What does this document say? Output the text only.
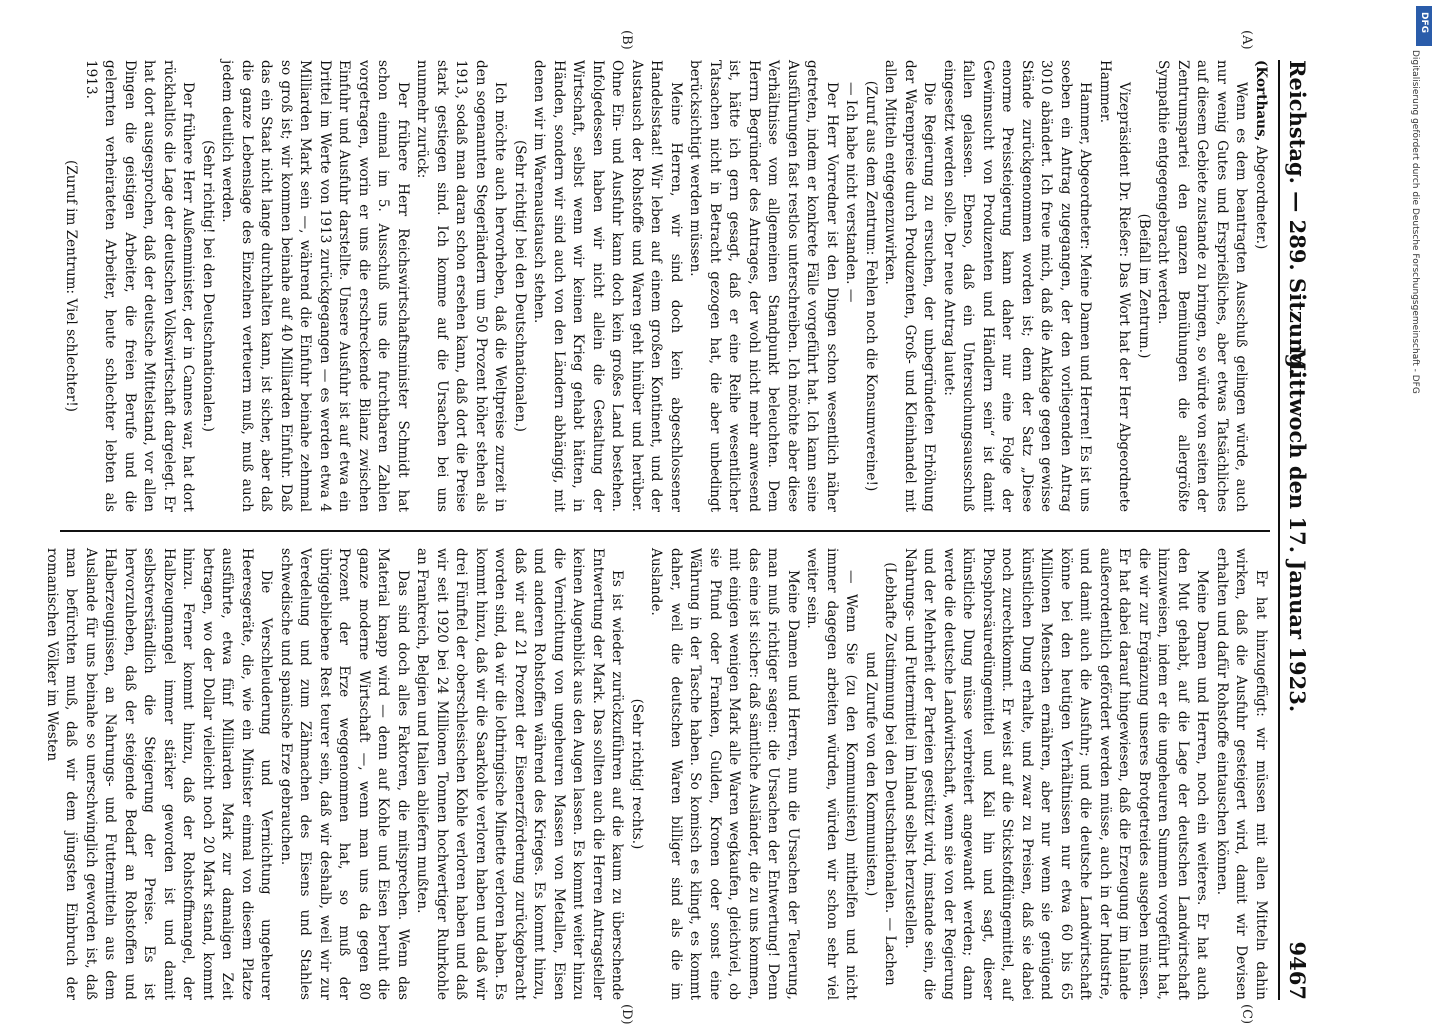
Reichstag. — 289. Sitzung.
Mittwoch den 17. Januar 1923.
9467

(Korthaus, Abgeordneter.)

Wenn es dem beantragten Ausschuß gelingen würde, auch nur wenig Gutes und Ersprießliches, aber etwas Tatsächliches auf diesem Gebiete zustande zu bringen, so würde von seiten der Zentrumspartei den ganzen Bemühungen die allergrößte Sympathie entgegengebracht werden.

(Beifall im Zentrum.)

Vizepräsident Dr. Rießer: Das Wort hat der Herr Abgeordnete Hammer.

Hammer, Abgeordneter: Meine Damen und Herren! Es ist uns soeben ein Antrag zugegangen, der den vorliegenden Antrag 3010 abändert. Ich freue mich, daß die Anklage gegen gewisse Stände zurückgenommen worden ist; denn der Satz „Diese enorme Preissteigerung kann daher nur eine Folge der Gewinnsucht von Produzenten und Händlern sein“ ist damit fallen gelassen. Ebenso, daß ein Untersuchungsausschuß eingesetzt werden solle. Der neue Antrag lautet:

Die Regierung zu ersuchen, der unbegründeten Erhöhung der Warenpreise durch Produzenten, Groß- und Kleinhandel mit allen Mitteln entgegenzuwirken.

(Zuruf aus dem Zentrum: Fehlen noch die Konsumvereine!)

— Ich habe nicht verstanden. —

Der Herr Vorredner ist den Dingen schon wesentlich näher getreten, indem er konkrete Fälle vorgeführt hat. Ich kann seine Ausführungen fast restlos unterschreiben. Ich möchte aber diese Verhältnisse vom allgemeinen Standpunkt beleuchten. Dem Herrn Begründer des Antrages, der wohl nicht mehr anwesend ist, hätte ich gern gesagt, daß er eine Reihe wesentlicher Tatsachen nicht in Betracht gezogen hat, die aber unbedingt berücksichtigt werden müssen.

Meine Herren, wir sind doch kein abgeschlossener Handelsstaat! Wir leben auf einem großen Kontinent, und der Austausch der Rohstoffe und Waren geht hinüber und herüber. Ohne Ein- und Ausfuhr kann doch kein großes Land bestehen. Infolgedessen haben wir nicht allein die Gestaltung der Wirtschaft, selbst wenn wir keinen Krieg gehabt hätten, in Händen, sondern wir sind auch von den Ländern abhängig, mit denen wir im Warenaustausch stehen.

(Sehr richtig! bei den Deutschnationalen.)

Ich möchte auch hervorheben, daß die Weltpreise zurzeit in den sogenannten Stegerländern um 50 Prozent höher stehen als 1913, sodaß man daran schon ersehen kann, daß dort die Preise stark gestiegen sind. Ich komme auf die Ursachen bei uns nunmehr zurück:

Der frühere Herr Reichswirtschaftsminister Schmidt hat schon einmal im 5. Ausschuß uns die furchtbaren Zahlen vorgetragen, worin er uns die erschreckende Bilanz zwischen Einfuhr und Ausfuhr darstellte. Unsere Ausfuhr ist auf etwa ein Drittel im Werte von 1913 zurückgegangen — es werden etwa 4 Milliarden Mark sein —, während die Einfuhr beinahe zehnmal so groß ist; wir kommen beinahe auf 40 Milliarden Einfuhr. Daß das ein Staat nicht lange durchhalten kann, ist sicher, aber daß die ganze Lebenslage des Einzelnen verteuern muß, muß auch jedem deutlich werden.

(Sehr richtig! bei den Deutschnationalen.)

Der frühere Herr Außenminister, der in Cannes war, hat dort rückhaltlos die Lage der deutschen Volkswirtschaft dargelegt. Er hat dort ausgesprochen, daß der deutsche Mittelstand, vor allen Dingen die geistigen Arbeiter, die freien Berufe und die gelernten verheirateten Arbeiter, heute schlechter lebten als 1913.

(Zuruf im Zentrum: Viel schlechter!)

Er hat hinzugefügt: wir müssen mit allen Mitteln dahin wirken, daß die Ausfuhr gesteigert wird, damit wir Devisen erhalten und dafür Rohstoffe eintauschen können.

Meine Damen und Herren, noch ein weiteres. Er hat auch den Mut gehabt, auf die Lage der deutschen Landwirtschaft hinzuweisen, indem er die ungeheuren Summen vorgeführt hat, die wir zur Ergänzung unseres Brotgetreides ausgeben müssen. Er hat dabei darauf hingewiesen, daß die Erzeugung im Inlande außerordentlich gefördert werden müsse, auch in der Industrie, und damit auch die Ausfuhr; und die deutsche Landwirtschaft könne bei den heutigen Verhältnissen nur etwa 60 bis 65 Millionen Menschen ernähren, aber nur wenn sie genügend künstlichen Dung erhalte, und zwar zu Preisen, daß sie dabei noch zurechtkommt. Er weist auf die Stickstoffdüngemittel, auf Phosphorsäuredüngemittel und Kali hin und sagt, dieser künstliche Dung müsse verbreitert angewandt werden; dann werde die deutsche Landwirtschaft, wenn sie von der Regierung und der Mehrheit der Parteien gestützt wird, imstande sein, die Nahrungs- und Futtermittel im Inland selbst herzustellen.

(Lebhafte Zustimmung bei den Deutschnationalen. — Lachen und Zurufe von den Kommunisten.)

— Wenn Sie (zu den Kommunisten) mithelfen und nicht immer dagegen arbeiten würden, würden wir schon sehr viel weiter sein.

Meine Damen und Herren, nun die Ursachen der Teuerung, man muß richtiger sagen: die Ursachen der Entwertung! Denn das eine ist sicher: daß sämtliche Ausländer, die zu uns kommen, mit einigen wenigen Mark alle Waren wegkaufen, gleichviel, ob sie Pfund oder Franken, Gulden, Kronen oder sonst eine Währung in der Tasche haben. So komisch es klingt, es kommt daher, weil die deutschen Waren billiger sind als die im Auslande.

(Sehr richtig! rechts.)

Es ist wieder zurückzuführen auf die kaum zu überschende Entwertung der Mark. Das sollten auch die Herren Antragsteller keinen Augenblick aus den Augen lassen. Es kommt weiter hinzu die Vernichtung von ungeheuren Massen von Metallen, Eisen und anderen Rohstoffen während des Krieges. Es kommt hinzu, daß wir auf 21 Prozent der Eisenerzförderung zurückgebracht worden sind, da wir die lothringische Minette verloren haben. Es kommt hinzu, daß wir die Saarkohle verloren haben und daß wir drei Fünftel der oberschlesischen Kohle verloren haben und daß wir seit 1920 bei 24 Millionen Tonnen hochwertiger Ruhrkohle an Frankreich, Belgien und Italien abliefern mußten.

Das sind doch alles Faktoren, die mitsprechen. Wenn das Material knapp wird — denn auf Kohle und Eisen beruht die ganze moderne Wirtschaft —, wenn man uns da gegen 80 Prozent der Erze weggenommen hat, so muß der übriggebliebene Rest teurer sein, daß wir deshalb, weil wir zur Veredelung und zum Zähmachen des Eisens und Stahles schwedische und spanische Erze gebrauchen.

Die Verschleuderung und Vernichtung ungeheurer Heeresgeräte, die, wie ein Minister einmal von diesem Platze ausführte, etwa fünf Milliarden Mark zur damaligen Zeit betragen, wo der Dollar vielleicht noch 20 Mark stand, kommt hinzu. Ferner kommt hinzu, daß der Rohstoffmangel, der Halbzeugmangel immer stärker geworden ist und damit selbstverständlich die Steigerung der Preise. Es ist hervorzuheben, daß der steigende Bedarf an Rohstoffen und Halberzeugnissen, an Nahrungs- und Futtermitteln aus dem Auslande für uns beinahe so unerschwinglich geworden ist, daß man befürchten muß, daß wir dem jüngsten Einbruch der romanischen Völker im Westen

(A)
(B)
(C)
(D)
Digitalisierung gefördert durch die Deutsche Forschungsgemeinschaft - DFG
DFG
